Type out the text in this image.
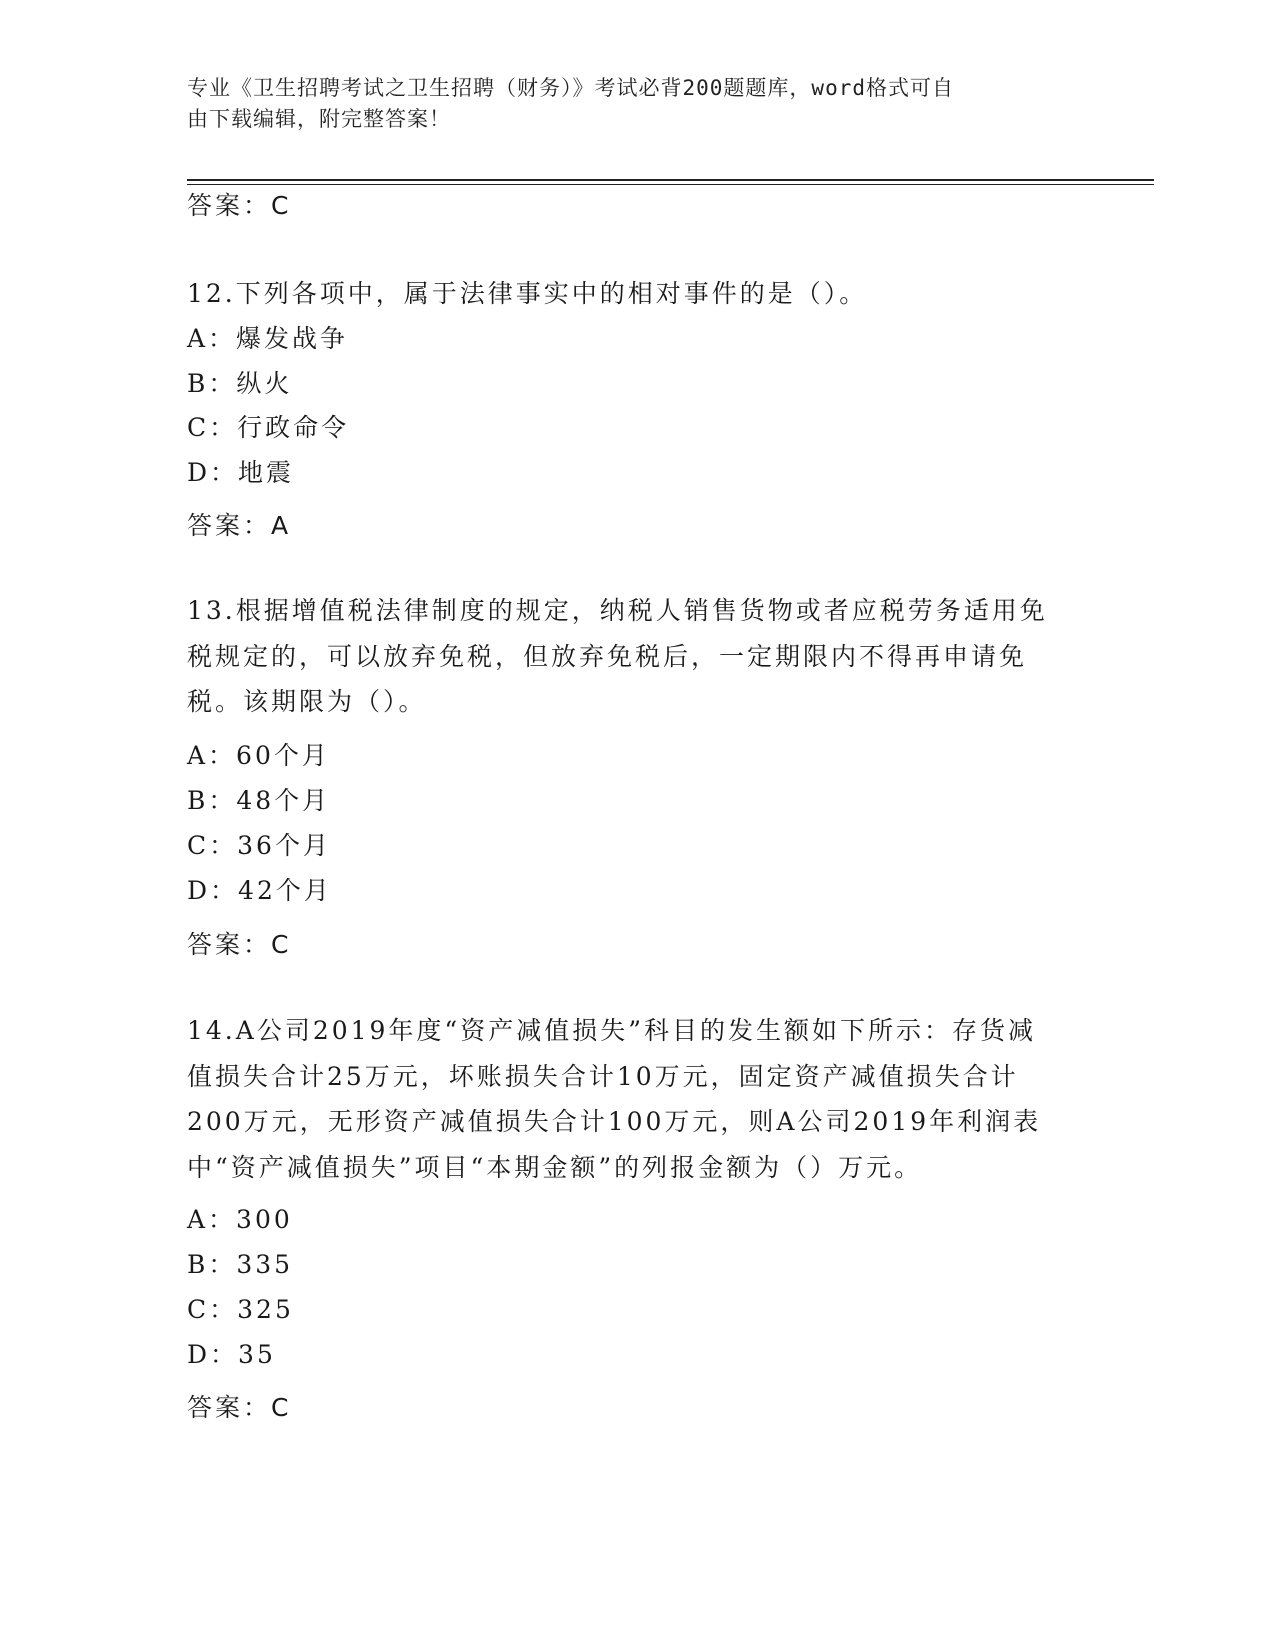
专业《卫生招聘考试之卫生招聘（财务）》考试必背200题题库，word格式可自
由下载编辑，附完整答案！
答案：C
12.下列各项中，属于法律事实中的相对事件的是（）。
A：爆发战争
B：纵火
C：行政命令
D：地震
答案：A
13.根据增值税法律制度的规定，纳税人销售货物或者应税劳务适用免
税规定的，可以放弃免税，但放弃免税后，一定期限内不得再申请免
税。该期限为（）。
A：60个月
B：48个月
C：36个月
D：42个月
答案：C
14.A公司2019年度“资产减值损失”科目的发生额如下所示：存货减
值损失合计25万元，坏账损失合计10万元，固定资产减值损失合计
200万元，无形资产减值损失合计100万元，则A公司2019年利润表
中“资产减值损失”项目“本期金额”的列报金额为（）万元。
A：300
B：335
C：325
D：35
答案：C
